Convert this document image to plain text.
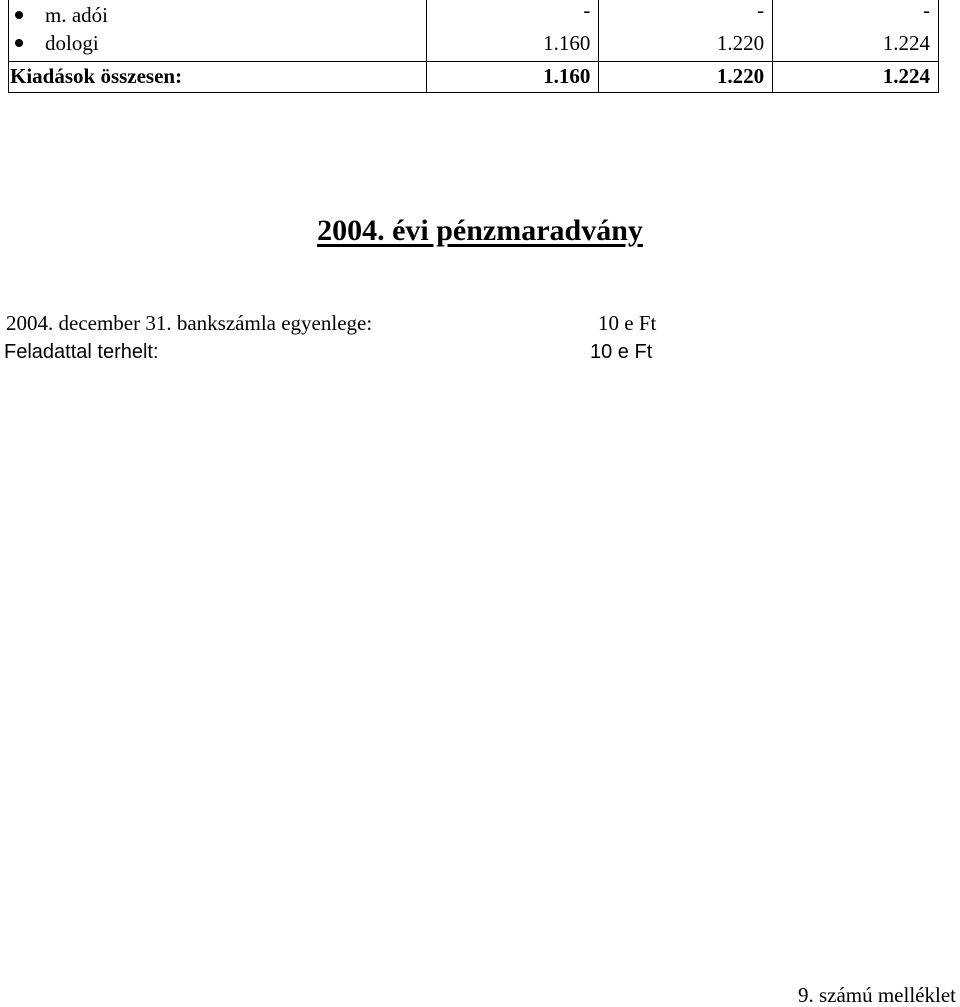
m. adói	-	-	-
dologi	1.160	1.220	1.224
Kiadások összesen:	1.160	1.220	1.224
2004. évi pénzmaradvány
2004. december 31. bankszámla egyenlege:	10 e Ft
Feladattal terhelt:	10 e Ft
9. számú melléklet
